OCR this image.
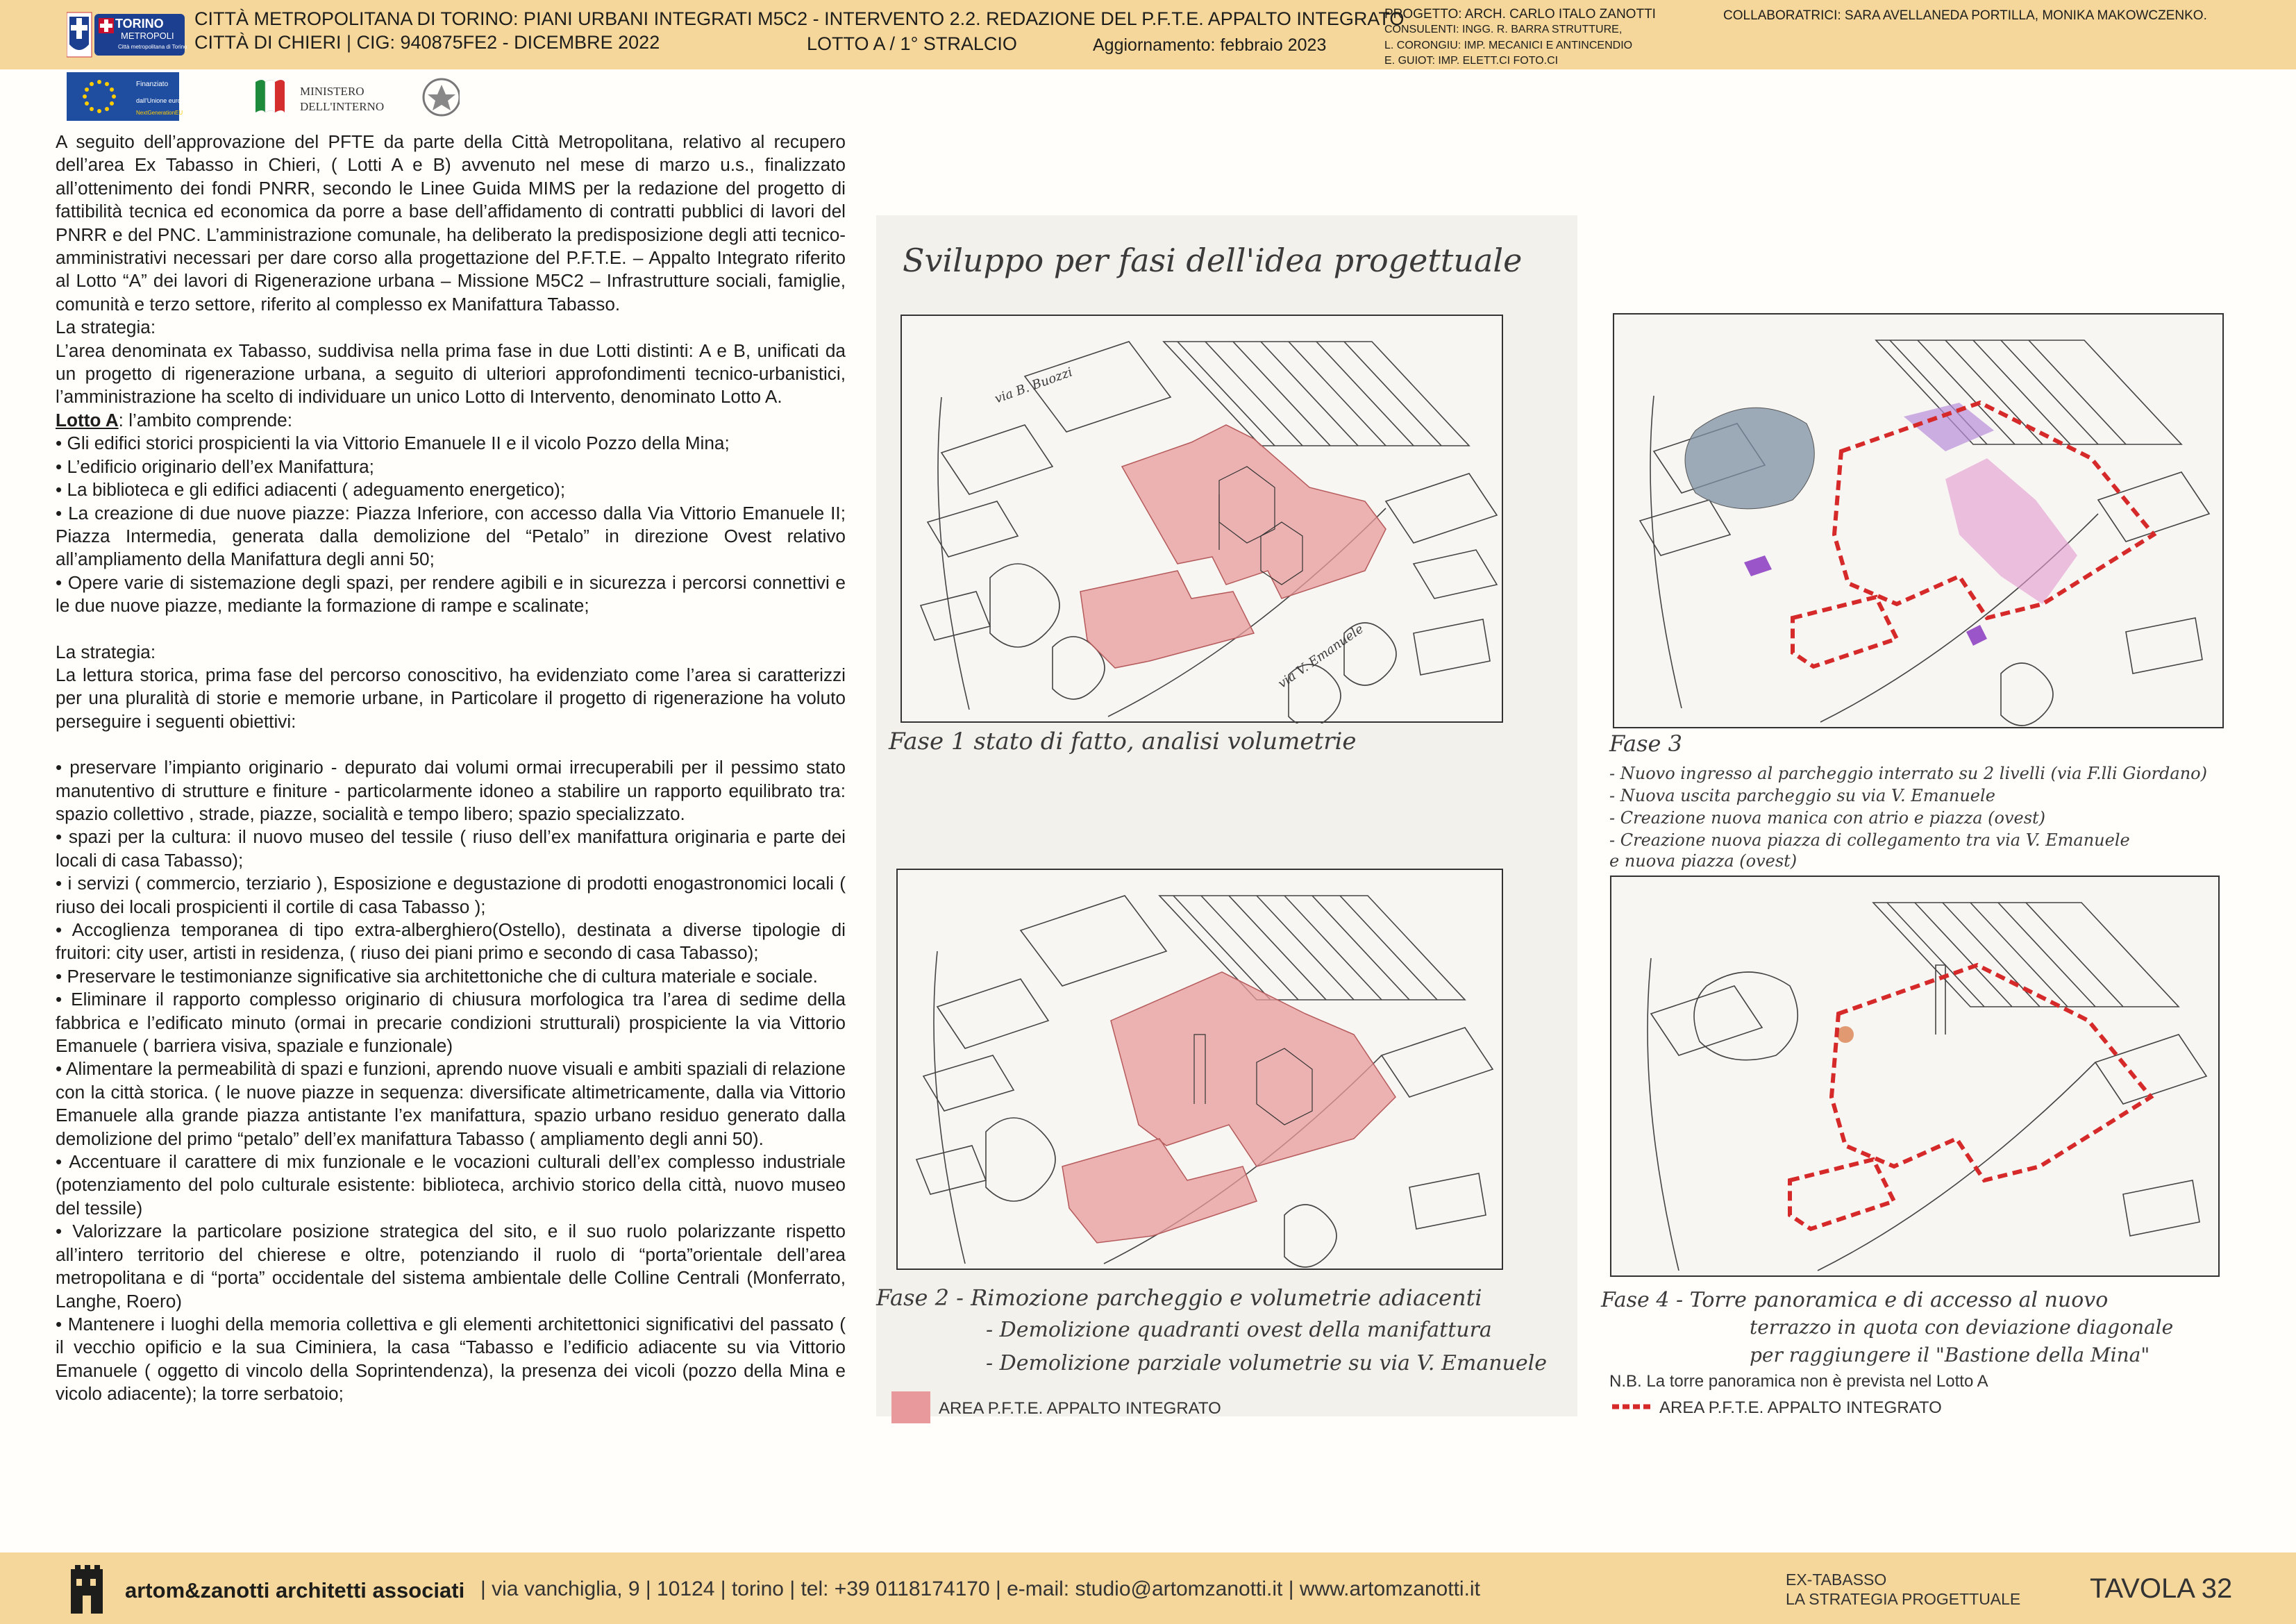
TORINO
METROPOLI
Città metropolitana di Torino
CITTÀ METROPOLITANA DI TORINO: PIANI URBANI INTEGRATI M5C2 - INTERVENTO 2.2. REDAZIONE DEL P.F.T.E. APPALTO INTEGRATO
CITTÀ DI CHIERI | CIG: 940875FE2 - DICEMBRE 2022	LOTTO A / 1° STRALCIO	Aggiornamento: febbraio 2023
PROGETTO: ARCH. CARLO ITALO ZANOTTI
CONSULENTI: INGG. R. BARRA STRUTTURE,
L. CORONGIU: IMP. MECANICI E ANTINCENDIO
E. GUIOT: IMP. ELETT.CI FOTO.CI
COLLABORATRICI: SARA AVELLANEDA PORTILLA, MONIKA MAKOWCZENKO.
Finanziato
dall'Unione europea
NextGenerationEU
MINISTERO
DELL'INTERNO

A seguito dell’approvazione del PFTE da parte della Città Metropolitana, relativo al recupero dell’area Ex Tabasso in Chieri, ( Lotti A e B) avvenuto nel mese di marzo u.s., finalizzato all’ottenimento dei fondi PNRR, secondo le Linee Guida MIMS per la redazione del progetto di fattibilità tecnica ed economica da porre a base dell’affidamento di contratti pubblici di lavori del PNRR e del PNC. L’amministrazione comunale, ha deliberato la predisposizione degli atti tecnico-amministrativi necessari per dare corso alla progettazione del P.F.T.E. – Appalto Integrato riferito al Lotto “A” dei lavori di Rigenerazione urbana – Missione M5C2 – Infrastrutture sociali, famiglie, comunità e terzo settore, riferito al complesso ex Manifattura Tabasso.

La strategia:

L’area denominata ex Tabasso, suddivisa nella prima fase in due Lotti distinti: A e B, unificati da un progetto di rigenerazione urbana, a seguito di ulteriori approfondimenti tecnico-urbanistici, l’amministrazione ha scelto di individuare un unico Lotto di Intervento, denominato Lotto A.

Lotto A: l’ambito comprende:

• Gli edifici storici prospicienti la via Vittorio Emanuele II e il vicolo Pozzo della Mina;

• L’edificio originario dell’ex Manifattura;

• La biblioteca e gli edifici adiacenti ( adeguamento energetico);

• La creazione di due nuove piazze: Piazza Inferiore, con accesso dalla Via Vittorio Emanuele II; Piazza Intermedia, generata dalla demolizione del “Petalo” in direzione Ovest relativo all’ampliamento della Manifattura degli anni 50;

• Opere varie di sistemazione degli spazi, per rendere agibili e in sicurezza i percorsi connettivi e le due nuove piazze, mediante la formazione di rampe e scalinate;

La strategia:

La lettura storica, prima fase del percorso conoscitivo, ha evidenziato come l’area si caratterizzi per una pluralità di storie e memorie urbane, in Particolare il progetto di rigenerazione ha voluto perseguire i seguenti obiettivi:

• preservare l’impianto originario - depurato dai volumi ormai irrecuperabili per il pessimo stato manutentivo di strutture e finiture - particolarmente idoneo a stabilire un rapporto equilibrato tra: spazio collettivo , strade, piazze, socialità e tempo libero; spazio specializzato.

• spazi per la cultura: il nuovo museo del tessile ( riuso dell’ex manifattura originaria e parte dei locali di casa Tabasso);

• i servizi ( commercio, terziario ), Esposizione e degustazione di prodotti enogastronomici locali ( riuso dei locali prospicienti il cortile di casa Tabasso );

• Accoglienza temporanea di tipo extra-alberghiero(Ostello), destinata a diverse tipologie di fruitori: city user, artisti in residenza, ( riuso dei piani primo e secondo di casa Tabasso);

• Preservare le testimonianze significative sia architettoniche che di cultura materiale e sociale.

• Eliminare il rapporto complesso originario di chiusura morfologica tra l’area di sedime della fabbrica e l’edificato minuto (ormai in precarie condizioni strutturali) prospiciente la via Vittorio Emanuele ( barriera visiva, spaziale e funzionale)

• Alimentare la permeabilità di spazi e funzioni, aprendo nuove visuali e ambiti spaziali di relazione con la città storica. ( le nuove piazze in sequenza: diversificate altimetricamente, dalla via Vittorio Emanuele alla grande piazza antistante l’ex manifattura, spazio urbano residuo generato dalla demolizione del primo “petalo” dell’ex manifattura Tabasso ( ampliamento degli anni 50).

• Accentuare il carattere di mix funzionale e le vocazioni culturali dell’ex complesso industriale (potenziamento del polo culturale esistente: biblioteca, archivio storico della città, nuovo museo del tessile)

• Valorizzare la particolare posizione strategica del sito, e il suo ruolo polarizzante rispetto all’intero territorio del chierese e oltre, potenziando il ruolo di “porta”orientale dell’area metropolitana e di “porta” occidentale del sistema ambientale delle Colline Centrali (Monferrato, Langhe, Roero)

• Mantenere i luoghi della memoria collettiva e gli elementi architettonici significativi del passato ( il vecchio opificio e la sua Ciminiera, la casa “Tabasso e l’edificio adiacente su via Vittorio Emanuele ( oggetto di vincolo della Soprintendenza), la presenza dei vicoli (pozzo della Mina e vicolo adiacente); la torre serbatoio;

Sviluppo per fasi dell'idea progettuale
via B. Buozzi
via V. Emanuele
Fase 1 stato di fatto, analisi volumetrie
Fase 2 - Rimozione parcheggio e volumetrie adiacenti
- Demolizione quadranti ovest della manifattura
- Demolizione parziale volumetrie su via V. Emanuele
AREA P.F.T.E. APPALTO INTEGRATO
Fase 3
- Nuovo ingresso al parcheggio interrato su 2 livelli (via F.lli Giordano)
- Nuova uscita parcheggio su via V. Emanuele
- Creazione nuova manica con atrio e piazza (ovest)
- Creazione nuova piazza di collegamento tra via V. Emanuele
e nuova piazza (ovest)
Fase 4 - Torre panoramica e di accesso al nuovo
terrazzo in quota con deviazione diagonale
per raggiungere il "Bastione della Mina"
N.B. La torre panoramica non è prevista nel Lotto A
AREA P.F.T.E. APPALTO INTEGRATO
artom&zanotti architetti associati | via vanchiglia, 9 | 10124 | torino | tel: +39 0118174170 | e-mail: studio@artomzanotti.it | www.artomzanotti.it	EX-TABASSO
LA STRATEGIA PROGETTUALE TAVOLA 32
